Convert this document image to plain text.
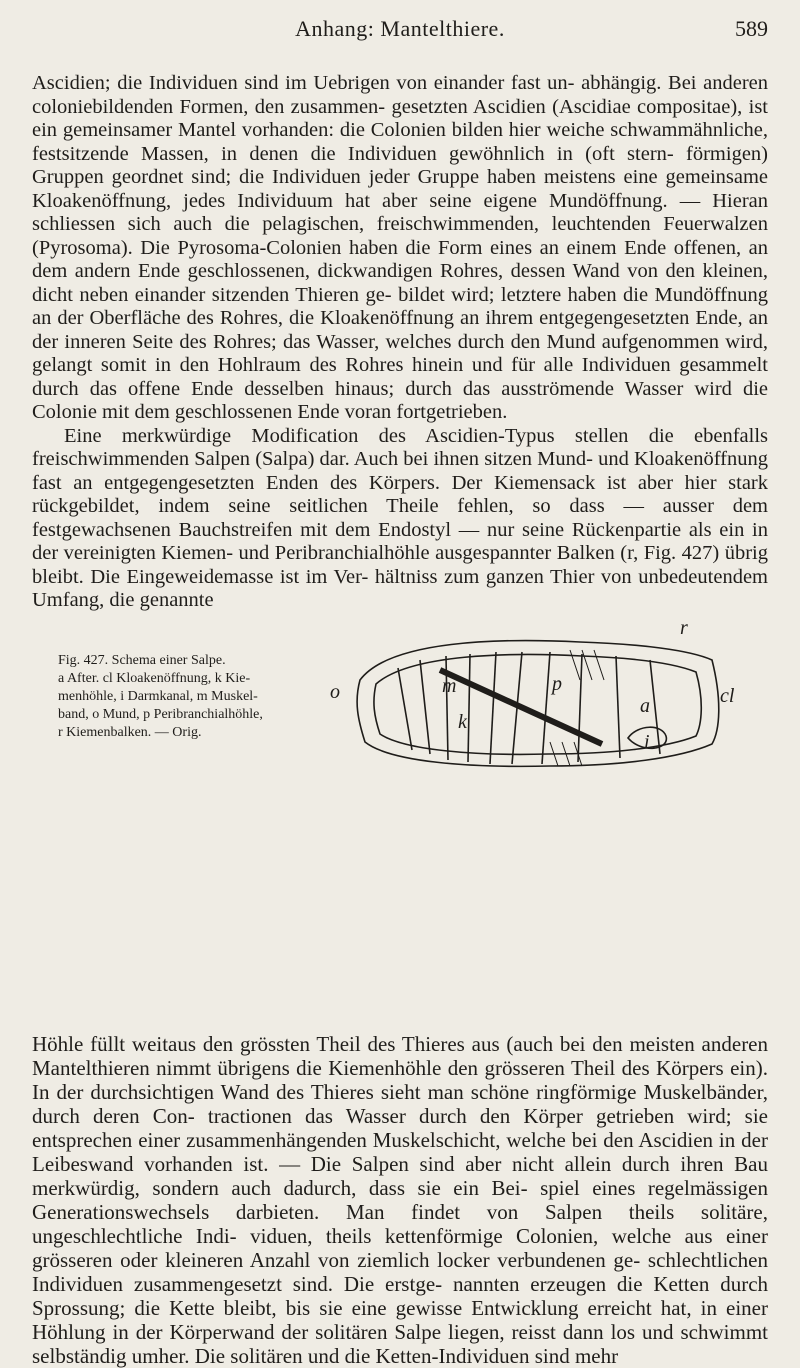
Anhang: Mantelthiere.	589

Ascidien; die Individuen sind im Uebrigen von einander fast un- abhängig. Bei anderen coloniebildenden Formen, den zusammen- gesetzten Ascidien (Ascidiae compositae), ist ein gemeinsamer Mantel vorhanden: die Colonien bilden hier weiche schwammähnliche, festsitzende Massen, in denen die Individuen gewöhnlich in (oft stern- förmigen) Gruppen geordnet sind; die Individuen jeder Gruppe haben meistens eine gemeinsame Kloakenöffnung, jedes Individuum hat aber seine eigene Mundöffnung. — Hieran schliessen sich auch die pelagischen, freischwimmenden, leuchtenden Feuerwalzen (Pyrosoma). Die Pyrosoma-Colonien haben die Form eines an einem Ende offenen, an dem andern Ende geschlossenen, dickwandigen Rohres, dessen Wand von den kleinen, dicht neben einander sitzenden Thieren ge- bildet wird; letztere haben die Mundöffnung an der Oberfläche des Rohres, die Kloakenöffnung an ihrem entgegengesetzten Ende, an der inneren Seite des Rohres; das Wasser, welches durch den Mund aufgenommen wird, gelangt somit in den Hohlraum des Rohres hinein und für alle Individuen gesammelt durch das offene Ende desselben hinaus; durch das ausströmende Wasser wird die Colonie mit dem geschlossenen Ende voran fortgetrieben.

Eine merkwürdige Modification des Ascidien-Typus stellen die ebenfalls freischwimmenden Salpen (Salpa) dar. Auch bei ihnen sitzen Mund- und Kloakenöffnung fast an entgegengesetzten Enden des Körpers. Der Kiemensack ist aber hier stark rückgebildet, indem seine seitlichen Theile fehlen, so dass — ausser dem festgewachsenen Bauchstreifen mit dem Endostyl — nur seine Rückenpartie als ein in der vereinigten Kiemen- und Peribranchialhöhle ausgespannter Balken (r, Fig. 427) übrig bleibt. Die Eingeweidemasse ist im Ver- hältniss zum ganzen Thier von unbedeutendem Umfang, die genannte

Fig. 427. Schema einer Salpe.
a After. cl Kloakenöffnung, k Kie-
menhöhle, i Darmkanal, m Muskel-
band, o Mund, p Peribranchialhöhle,
r Kiemenbalken. — Orig.
o	m
k
p
a
i
cl
r

Höhle füllt weitaus den grössten Theil des Thieres aus (auch bei den meisten anderen Mantelthieren nimmt übrigens die Kiemenhöhle den grösseren Theil des Körpers ein). In der durchsichtigen Wand des Thieres sieht man schöne ringförmige Muskelbänder, durch deren Con- tractionen das Wasser durch den Körper getrieben wird; sie entsprechen einer zusammenhängenden Muskelschicht, welche bei den Ascidien in der Leibeswand vorhanden ist. — Die Salpen sind aber nicht allein durch ihren Bau merkwürdig, sondern auch dadurch, dass sie ein Bei- spiel eines regelmässigen Generationswechsels darbieten. Man findet von Salpen theils solitäre, ungeschlechtliche Indi- viduen, theils kettenförmige Colonien, welche aus einer grösseren oder kleineren Anzahl von ziemlich locker verbundenen ge- schlechtlichen Individuen zusammengesetzt sind. Die erstge- nannten erzeugen die Ketten durch Sprossung; die Kette bleibt, bis sie eine gewisse Entwicklung erreicht hat, in einer Höhlung in der Körperwand der solitären Salpe liegen, reisst dann los und schwimmt selbständig umher. Die solitären und die Ketten-Individuen sind mehr
